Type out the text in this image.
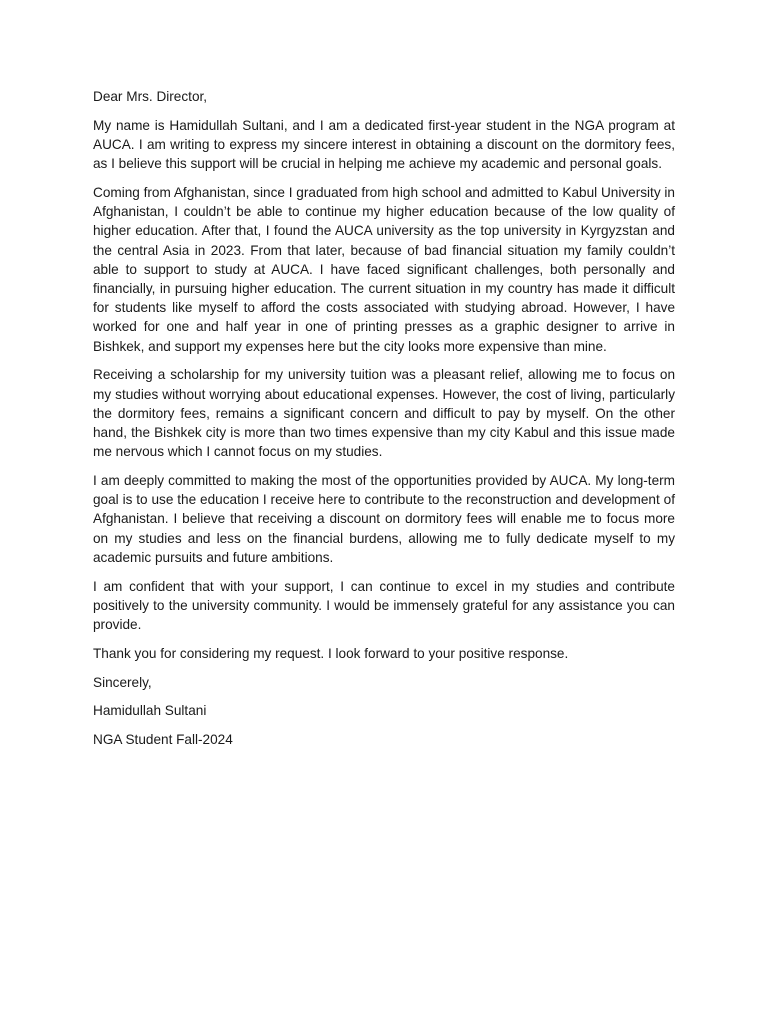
Dear Mrs. Director,

My name is Hamidullah Sultani, and I am a dedicated first-year student in the NGA program at AUCA. I am writing to express my sincere interest in obtaining a discount on the dormitory fees, as I believe this support will be crucial in helping me achieve my academic and personal goals.

Coming from Afghanistan, since I graduated from high school and admitted to Kabul University in Afghanistan, I couldn’t be able to continue my higher education because of the low quality of higher education. After that, I found the AUCA university as the top university in Kyrgyzstan and the central Asia in 2023. From that later, because of bad financial situation my family couldn’t able to support to study at AUCA. I have faced significant challenges, both personally and financially, in pursuing higher education. The current situation in my country has made it difficult for students like myself to afford the costs associated with studying abroad. However, I have worked for one and half year in one of printing presses as a graphic designer to arrive in Bishkek, and support my expenses here but the city looks more expensive than mine.

Receiving a scholarship for my university tuition was a pleasant relief, allowing me to focus on my studies without worrying about educational expenses. However, the cost of living, particularly the dormitory fees, remains a significant concern and difficult to pay by myself. On the other hand, the Bishkek city is more than two times expensive than my city Kabul and this issue made me nervous which I cannot focus on my studies.

I am deeply committed to making the most of the opportunities provided by AUCA. My long-term goal is to use the education I receive here to contribute to the reconstruction and development of Afghanistan. I believe that receiving a discount on dormitory fees will enable me to focus more on my studies and less on the financial burdens, allowing me to fully dedicate myself to my academic pursuits and future ambitions.

I am confident that with your support, I can continue to excel in my studies and contribute positively to the university community. I would be immensely grateful for any assistance you can provide.

Thank you for considering my request. I look forward to your positive response.

Sincerely,

Hamidullah Sultani

NGA Student Fall-2024
